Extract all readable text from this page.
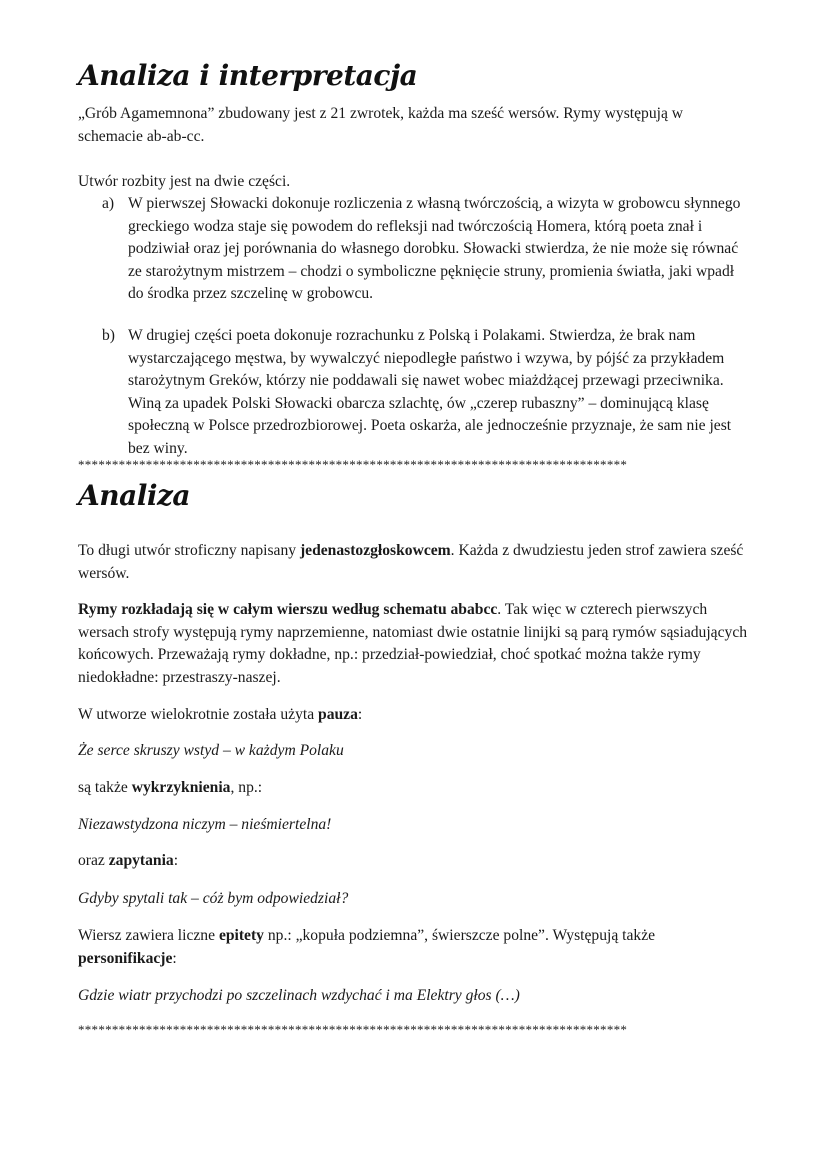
Analiza i interpretacja
„Grób Agamemnona” zbudowany jest z 21 zwrotek, każda ma sześć wersów. Rymy występują w schemacie ab-ab-cc.
Utwór rozbity jest na dwie części.
a) W pierwszej Słowacki dokonuje rozliczenia z własną twórczością, a wizyta w grobowcu słynnego greckiego wodza staje się powodem do refleksji nad twórczością Homera, którą poeta znał i podziwiał oraz jej porównania do własnego dorobku. Słowacki stwierdza, że nie może się równać ze starożytnym mistrzem – chodzi o symboliczne pęknięcie struny, promienia światła, jaki wpadł do środka przez szczelinę w grobowcu.
b) W drugiej części poeta dokonuje rozrachunku z Polską i Polakami. Stwierdza, że brak nam wystarczającego męstwa, by wywalczyć niepodległe państwo i wzywa, by pójść za przykładem starożytnym Greków, którzy nie poddawali się nawet wobec miażdżącej przewagi przeciwnika. Winą za upadek Polski Słowacki obarcza szlachtę, ów „czerep rubaszny” – dominującą klasę społeczną w Polsce przedrozbiorowej. Poeta oskarża, ale jednocześnie przyznaje, że sam nie jest bez winy.
*********************************************************************************
Analiza
To długi utwór stroficzny napisany jedenastozgłoskowcem. Każda z dwudziestu jeden strof zawiera sześć wersów.
Rymy rozkładają się w całym wierszu według schematu ababcc. Tak więc w czterech pierwszych wersach strofy występują rymy naprzemienne, natomiast dwie ostatnie linijki są parą rymów sąsiadujących końcowych. Przeważają rymy dokładne, np.: przedział-powiedział, choć spotkać można także rymy niedokładne: przestraszy-naszej.
W utworze wielokrotnie została użyta pauza:
Że serce skruszy wstyd – w każdym Polaku
są także wykrzyknienia, np.:
Niezawstydzona niczym – nieśmiertelna!
oraz zapytania:
Gdyby spytali tak – cóż bym odpowiedział?
Wiersz zawiera liczne epitety np.: „kopuła podziemna”, świerszcze polne”. Występują także personifikacje:
Gdzie wiatr przychodzi po szczelinach wzdychać i ma Elektry głos (…)
*********************************************************************************
